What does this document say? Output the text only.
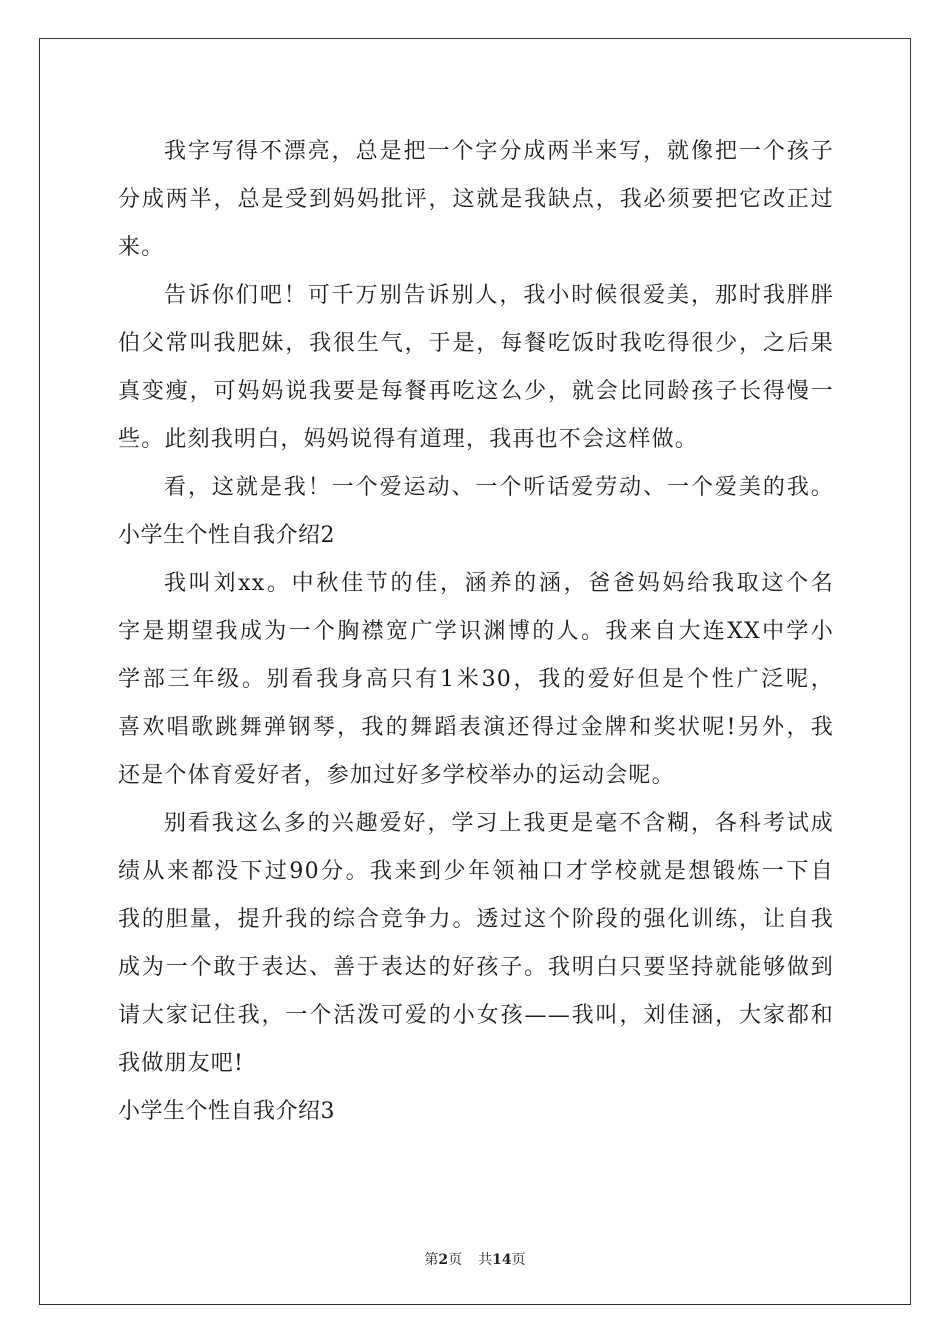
我字写得不漂亮，总是把一个字分成两半来写，就像把一个孩子
分成两半，总是受到妈妈批评，这就是我缺点，我必须要把它改正过
来。
告诉你们吧！可千万别告诉别人，我小时候很爱美，那时我胖胖
伯父常叫我肥妹，我很生气，于是，每餐吃饭时我吃得很少，之后果
真变瘦，可妈妈说我要是每餐再吃这么少，就会比同龄孩子长得慢一
些。此刻我明白，妈妈说得有道理，我再也不会这样做。
看，这就是我！一个爱运动、一个听话爱劳动、一个爱美的我。
小学生个性自我介绍2
我叫刘xx。中秋佳节的佳，涵养的涵，爸爸妈妈给我取这个名
字是期望我成为一个胸襟宽广学识渊博的人。我来自大连XX中学小
学部三年级。别看我身高只有1米30，我的爱好但是个性广泛呢，
喜欢唱歌跳舞弹钢琴，我的舞蹈表演还得过金牌和奖状呢!另外，我
还是个体育爱好者，参加过好多学校举办的运动会呢。
别看我这么多的兴趣爱好，学习上我更是毫不含糊，各科考试成
绩从来都没下过90分。我来到少年领袖口才学校就是想锻炼一下自
我的胆量，提升我的综合竞争力。透过这个阶段的强化训练，让自我
成为一个敢于表达、善于表达的好孩子。我明白只要坚持就能够做到
请大家记住我，一个活泼可爱的小女孩——我叫，刘佳涵，大家都和
我做朋友吧!
小学生个性自我介绍3
第2页 共14页
